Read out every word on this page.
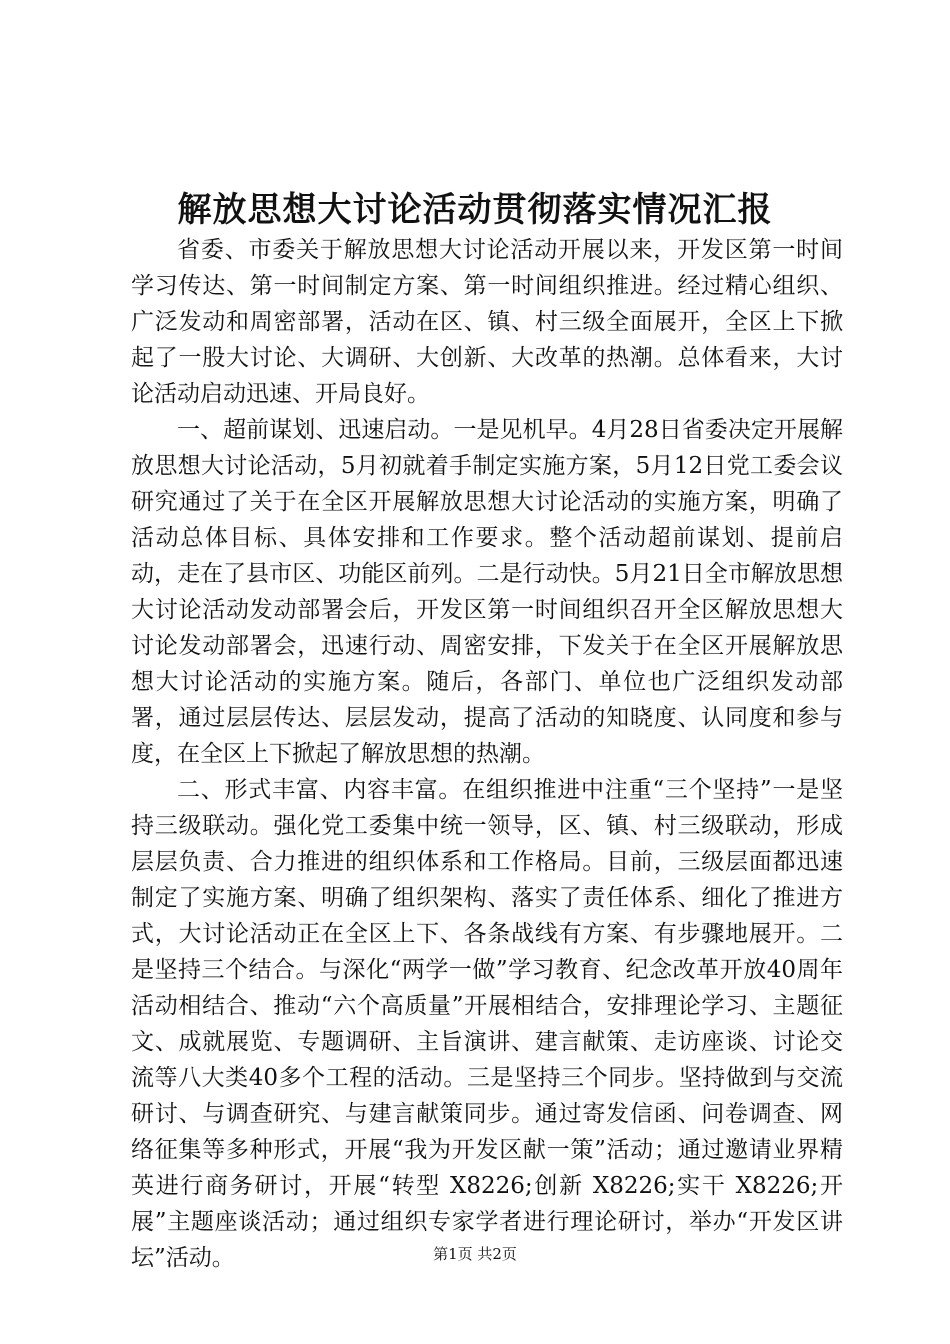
解放思想大讨论活动贯彻落实情况汇报

省委、市委关于解放思想大讨论活动开展以来，开发区第一时间学习传达、第一时间制定方案、第一时间组织推进。经过精心组织、广泛发动和周密部署，活动在区、镇、村三级全面展开，全区上下掀起了一股大讨论、大调研、大创新、大改革的热潮。总体看来，大讨论活动启动迅速、开局良好。

一、超前谋划、迅速启动。一是见机早。4月28日省委决定开展解放思想大讨论活动，5月初就着手制定实施方案，5月12日党工委会议研究通过了关于在全区开展解放思想大讨论活动的实施方案，明确了活动总体目标、具体安排和工作要求。整个活动超前谋划、提前启动，走在了县市区、功能区前列。二是行动快。5月21日全市解放思想大讨论活动发动部署会后，开发区第一时间组织召开全区解放思想大讨论发动部署会，迅速行动、周密安排，下发关于在全区开展解放思想大讨论活动的实施方案。随后，各部门、单位也广泛组织发动部署，通过层层传达、层层发动，提高了活动的知晓度、认同度和参与度，在全区上下掀起了解放思想的热潮。

二、形式丰富、内容丰富。在组织推进中注重“三个坚持”一是坚持三级联动。强化党工委集中统一领导，区、镇、村三级联动，形成层层负责、合力推进的组织体系和工作格局。目前，三级层面都迅速制定了实施方案、明确了组织架构、落实了责任体系、细化了推进方式，大讨论活动正在全区上下、各条战线有方案、有步骤地展开。二是坚持三个结合。与深化“两学一做”学习教育、纪念改革开放40周年活动相结合、推动“六个高质量”开展相结合，安排理论学习、主题征文、成就展览、专题调研、主旨演讲、建言献策、走访座谈、讨论交流等八大类40多个工程的活动。三是坚持三个同步。坚持做到与交流研讨、与调查研究、与建言献策同步。通过寄发信函、问卷调查、网络征集等多种形式，开展“我为开发区献一策”活动；通过邀请业界精英进行商务研讨，开展“转型 X8226;创新 X8226;实干 X8226;开展”主题座谈活动；通过组织专家学者进行理论研讨，举办“开发区讲坛”活动。	第1页 共2页
